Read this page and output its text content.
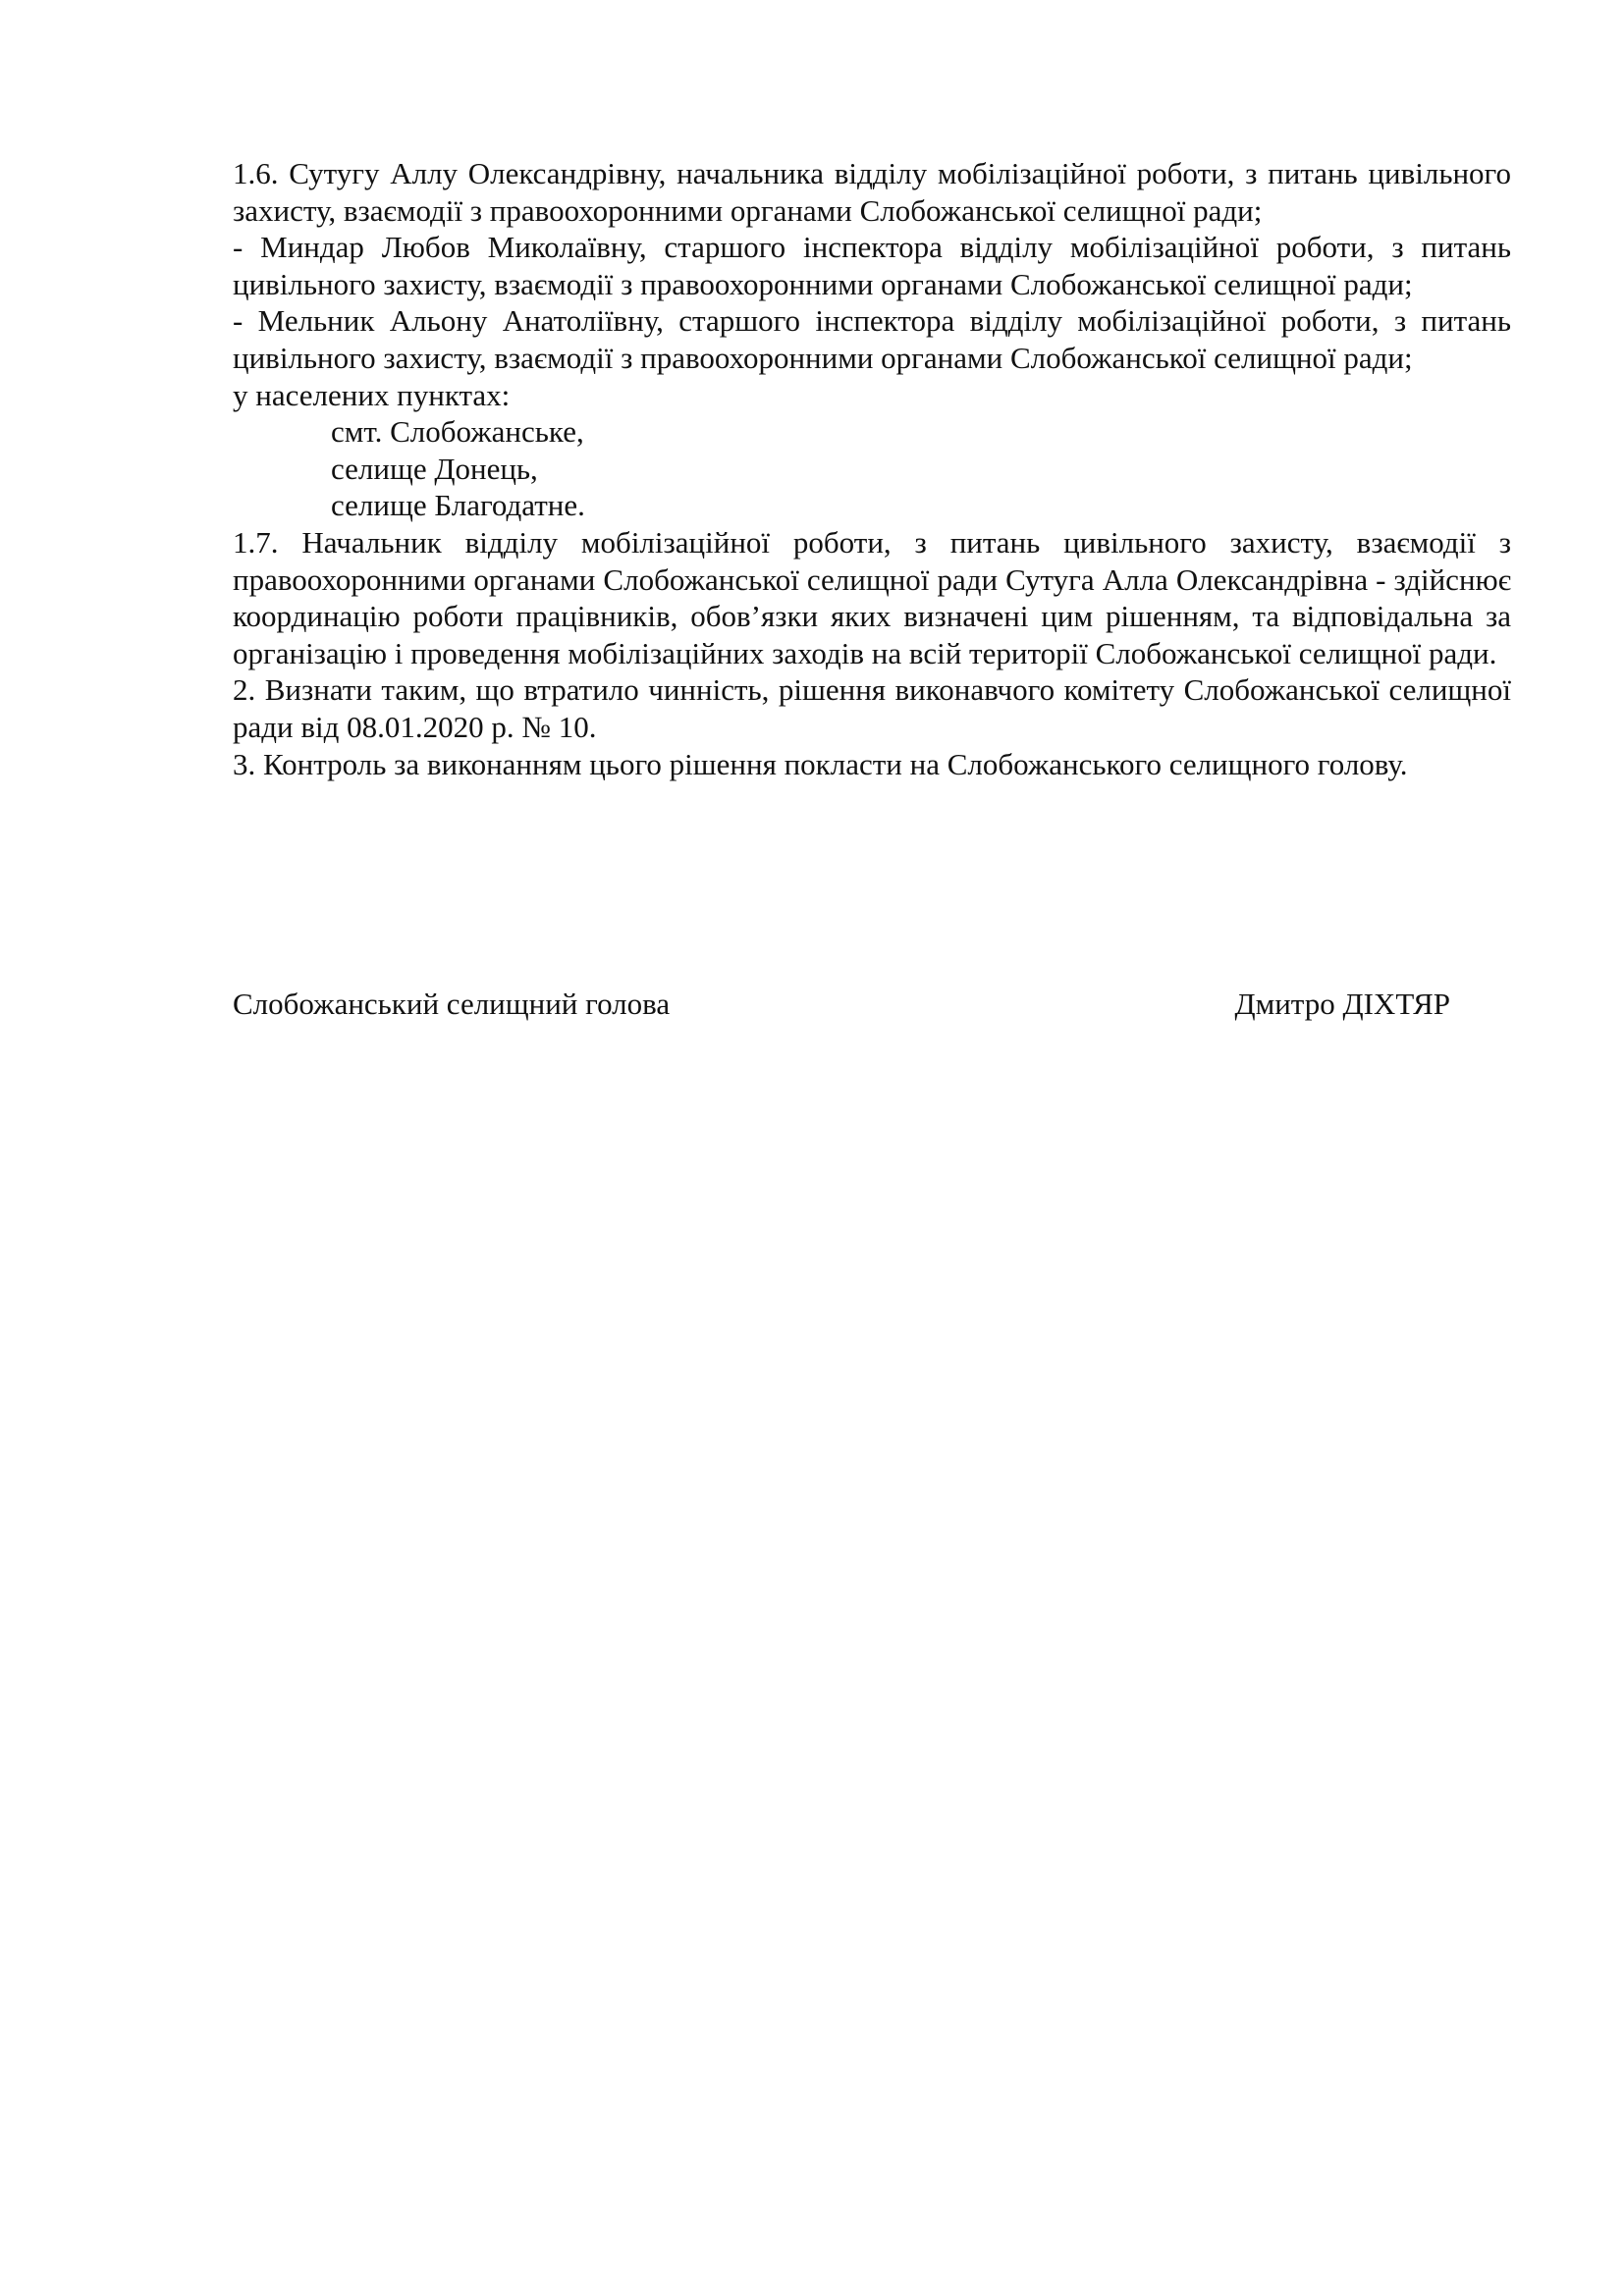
1.6. Сутугу Аллу Олександрівну, начальника відділу мобілізаційної роботи, з питань цивільного захисту, взаємодії з правоохоронними органами Слобожанської селищної ради;

- Миндар Любов Миколаївну, старшого інспектора відділу мобілізаційної роботи, з питань цивільного захисту, взаємодії з правоохоронними органами Слобожанської селищної ради;

- Мельник Альону Анатоліївну, старшого інспектора відділу мобілізаційної роботи, з питань цивільного захисту, взаємодії з правоохоронними органами Слобожанської селищної ради;

у населених пунктах:

смт. Слобожанське,

селище Донець,

селище Благодатне.

1.7. Начальник відділу мобілізаційної роботи, з питань цивільного захисту, взаємодії з правоохоронними органами Слобожанської селищної ради Сутуга Алла Олександрівна - здійснює координацію роботи працівників, обов’язки яких визначені цим рішенням, та відповідальна за організацію і проведення мобілізаційних заходів на всій території Слобожанської селищної ради.

2. Визнати таким, що втратило чинність, рішення виконавчого комітету Слобожанської селищної ради від 08.01.2020 р. № 10.

3. Контроль за виконанням цього рішення покласти на Слобожанського селищного голову.

Слобожанський селищний голова	Дмитро ДІХТЯР
